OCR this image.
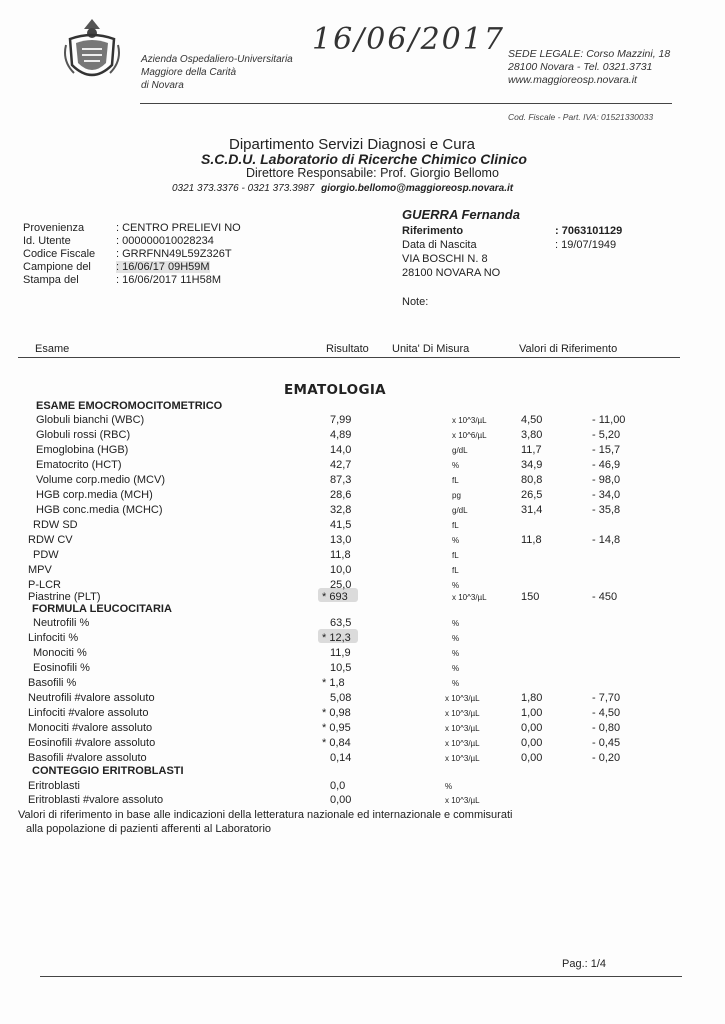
Azienda Ospedaliero-Universitaria
Maggiore della Carità
di Novara
16/06/2017 SEDE LEGALE: Corso Mazzini, 18
28100 Novara - Tel. 0321.3731
www.maggioreosp.novara.it
Cod. Fiscale - Part. IVA: 01521330033
Dipartimento Servizi Diagnosi e Cura
S.C.D.U. Laboratorio di Ricerche Chimico Clinico
Direttore Responsabile: Prof. Giorgio Bellomo
0321 373.3376 - 0321 373.3987 giorgio.bellomo@maggioreosp.novara.it
Provenienza	: CENTRO PRELIEVI NO
Id. Utente	: 000000010028234
Codice Fiscale : GRRFNN49L59Z326T
Campione del : 16/06/17 09H59M
Stampa del	: 16/06/2017 11H58M
GUERRA Fernanda
Riferimento	: 7063101129
Data di Nascita	: 19/07/1949
VIA BOSCHI N. 8
28100 NOVARA NO
Note:
Esame	Risultato Unita' Di Misura	Valori di Riferimento
EMATOLOGIA
ESAME EMOCROMOCITOMETRICO
FORMULA LEUCOCITARIA
CONTEGGIO ERITROBLASTI
Globuli bianchi (WBC)	7,99	x 10^3/µL	4,50	- 11,00
Globuli rossi (RBC)	4,89	x 10^6/µL	3,80	- 5,20
Emoglobina (HGB)	14,0	g/dL	11,7	- 15,7
Ematocrito (HCT)	42,7	%	34,9	- 46,9
Volume corp.medio (MCV)	87,3	fL	80,8	- 98,0
HGB corp.media (MCH)	28,6	pg	26,5	- 34,0
HGB conc.media (MCHC)	32,8	g/dL	31,4	- 35,8
RDW SD	41,5	fL
RDW CV	13,0	%	11,8	- 14,8
PDW	11,8	fL
MPV	10,0	fL
P-LCR	25,0	%
Piastrine (PLT)	* 693	x 10^3/µL	150	- 450
Neutrofili %	63,5	%
Linfociti %	* 12,3	%
Monociti %	11,9	%
Eosinofili %	10,5	%
Basofili %	* 1,8	%
Neutrofili #valore assoluto	5,08	x 10^3/µL	1,80	- 7,70
Linfociti #valore assoluto	* 0,98	x 10^3/µL	1,00	- 4,50
Monociti #valore assoluto	* 0,95	x 10^3/µL	0,00	- 0,80
Eosinofili #valore assoluto	* 0,84	x 10^3/µL	0,00	- 0,45
Basofili #valore assoluto	0,14	x 10^3/µL	0,00	- 0,20
Eritroblasti	0,0	%
Eritroblasti #valore assoluto	0,00	x 10^3/µL
Valori di riferimento in base alle indicazioni della letteratura nazionale ed internazionale e commisurati
alla popolazione di pazienti afferenti al Laboratorio
Pag.: 1/4
